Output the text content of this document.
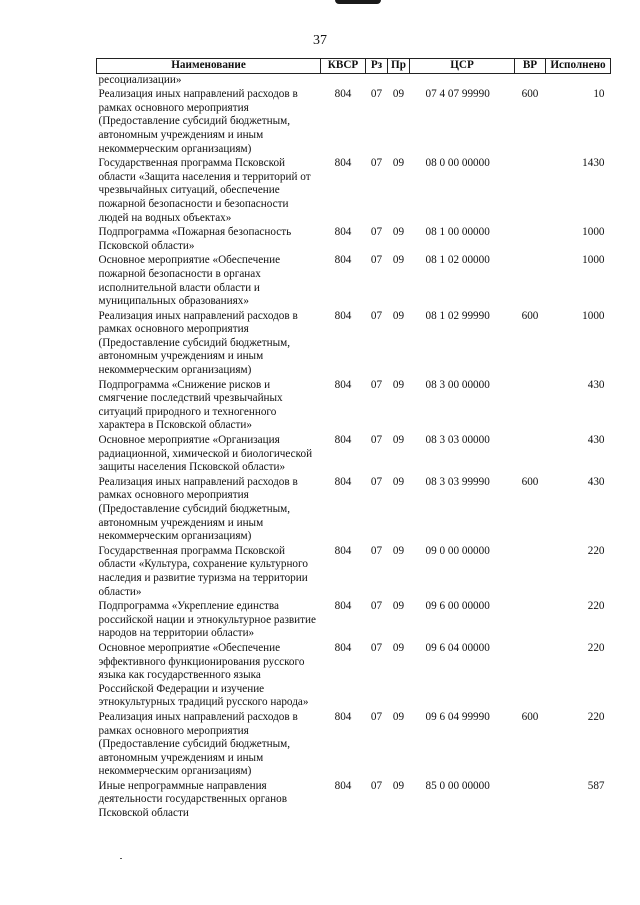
37
Наименование	КВСР	Рз	Пр	ЦСР	ВР	Исполнено
ресоциализации»						
Реализация иных направлений расходов в рамках основного мероприятия (Предоставление субсидий бюджетным, автономным учреждениям и иным некоммерческим организациям)	804	07	09	07 4 07 99990	600	10
Государственная программа Псковской области «Защита населения и территорий от чрезвычайных ситуаций, обеспечение пожарной безопасности и безопасности людей на водных объектах»	804	07	09	08 0 00 00000		1430
Подпрограмма «Пожарная безопасность Псковской области»	804	07	09	08 1 00 00000		1000
Основное мероприятие «Обеспечение пожарной безопасности в органах исполнительной власти области и муниципальных образованиях»	804	07	09	08 1 02 00000		1000
Реализация иных направлений расходов в рамках основного мероприятия (Предоставление субсидий бюджетным, автономным учреждениям и иным некоммерческим организациям)	804	07	09	08 1 02 99990	600	1000
Подпрограмма «Снижение рисков и смягчение последствий чрезвычайных ситуаций природного и техногенного характера в Псковской области»	804	07	09	08 3 00 00000		430
Основное мероприятие «Организация радиационной, химической и биологической защиты населения Псковской области»	804	07	09	08 3 03 00000		430
Реализация иных направлений расходов в рамках основного мероприятия (Предоставление субсидий бюджетным, автономным учреждениям и иным некоммерческим организациям)	804	07	09	08 3 03 99990	600	430
Государственная программа Псковской области «Культура, сохранение культурного наследия и развитие туризма на территории области»	804	07	09	09 0 00 00000		220
Подпрограмма «Укрепление единства российской нации и этнокультурное развитие народов на территории области»	804	07	09	09 6 00 00000		220
Основное мероприятие «Обеспечение эффективного функционирования русского языка как государственного языка Российской Федерации и изучение этнокультурных традиций русского народа»	804	07	09	09 6 04 00000		220
Реализация иных направлений расходов в рамках основного мероприятия (Предоставление субсидий бюджетным, автономным учреждениям и иным некоммерческим организациям)	804	07	09	09 6 04 99990	600	220
Иные непрограммные направления деятельности государственных органов Псковской области	804	07	09	85 0 00 00000		587
